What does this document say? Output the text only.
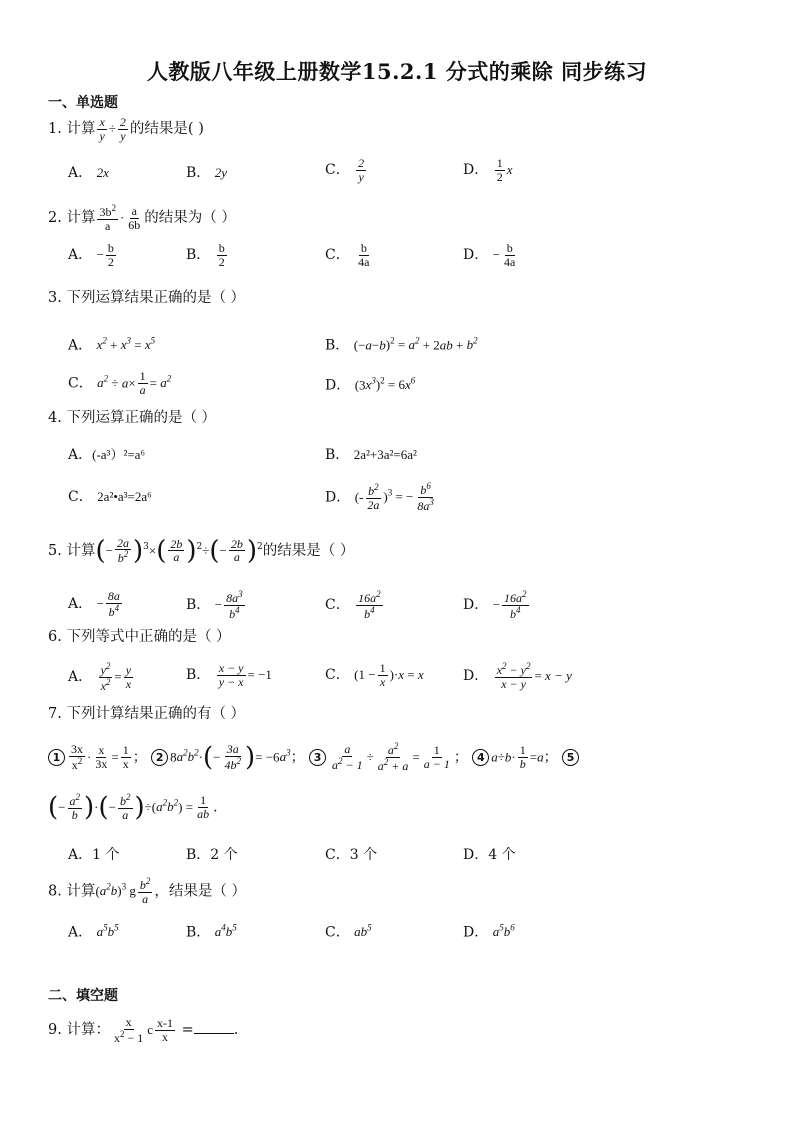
人教版八年级上册数学15.2.1 分式的乘除 同步练习
一、单选题
1. 计算 $\frac{x}{y} \div \frac{2}{y}$ 的结果是( )
A． 2x	B． 2y	C． $\frac{2}{y}$	D． $\frac{1}{2}$ x
2. 计算 $\frac{3b^2}{a} \cdot \frac{a}{6b}$ 的结果为（ ）
A． − $\frac{b}{2}$	B． $\frac{b}{2}$	C． $\frac{b}{4a}$	D． − $\frac{b}{4a}$
3. 下列运算结果正确的是（ ）
A． $x^2 + x^3 = x^5$	B． $(-a-b)^2 = a^2 + 2ab + b^2$
C． $a^2 \div a\times \frac{1}{a} = a^2$	D． $(3x^3)^2 = 6x^6$
4. 下列运算正确的是（ ）
A．(-a³）²=a⁶	B． 2a²+3a²=6a²
C． 2a²•a³=2a⁶	D． (- $\frac{b^2}{2a} )^3$ = − $\frac{b^6}{8a^3}$
5. 计算(− $\frac{2a}{b^2} )^3\times( \frac{2b}{a} )^2\div(- \frac{2b}{a} )^2$的结果是（ ）
A． − $\frac{8a}{b^4}$	B． − $\frac{8a^3}{b^4}$	C． $\frac{16a^2}{b^4}$	D． − $\frac{16a^2}{b^4}$
6. 下列等式中正确的是（ ）
A． $\frac{y^2}{x^2} = \frac{y}{x}$	B． $\frac{x - y}{y - x} = -1$	C． $(1 - \frac{1}{x} )\cdot x = x$	D． $\frac{x^2 - y^2}{x - y} = x - y$
7. 下列计算结果正确的有（ ）
$1 \frac{3x}{x^2} \cdot \frac{x}{3x} = \frac{1}{x}$ ； 2 $8a^2b^2\cdot(- \frac{3a}{4b^2}$ )= $-6a^3$； $3 \frac{a}{a^2 - 1} \div \frac{a^2}{a^2 + a} = \frac{1}{a - 1}$ ； 4 $a\div b\cdot \frac{1}{b} =a$； 5
(− $\frac{a^2}{b}$ )·(− $\frac{b^2}{a} )\div(a^2b^2) = \frac{1}{ab}$ .
A．1 个	B．2 个	C．3 个	D．4 个
8. 计算$(a^2b)^3$ g $\frac{b^2}{a}$ ，结果是（ ）
A． $a^5b^5$	B． $a^4b^5$	C． $ab^5$	D． $a^5b^6$
二、填空题
9. 计算： $\frac{x}{x^2 - 1}$ c $\frac{x-1}{x}$ =	.
